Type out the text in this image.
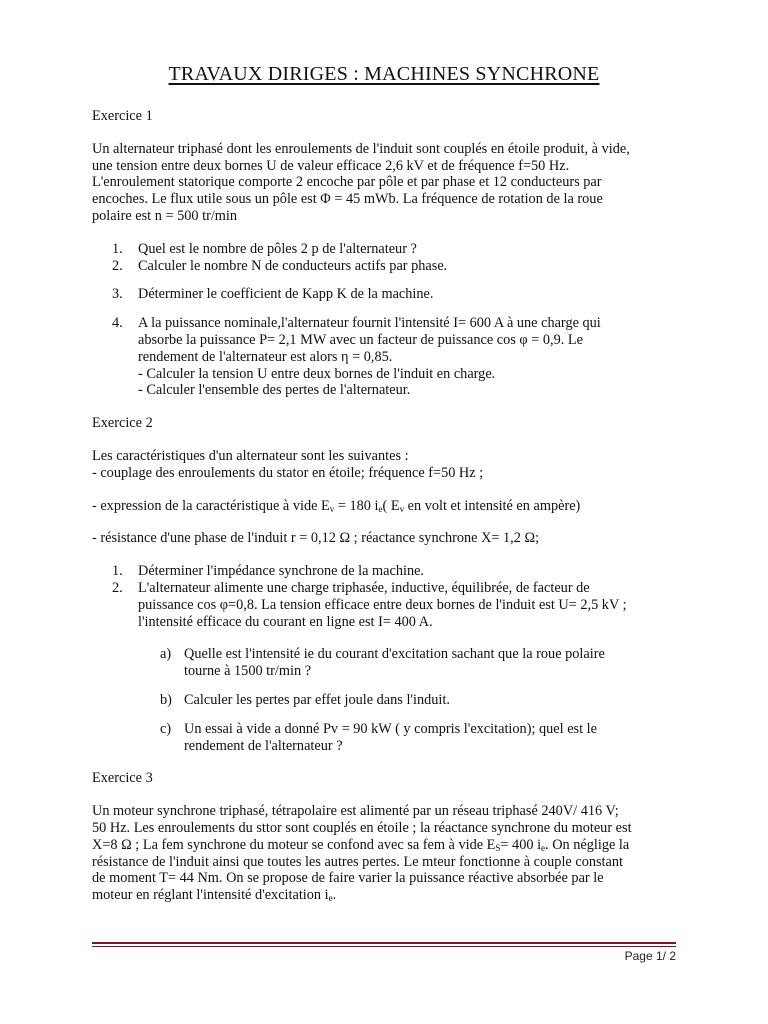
TRAVAUX DIRIGES : MACHINES SYNCHRONE

Exercice 1

Un alternateur triphasé dont les enroulements de l'induit sont couplés en étoile produit, à vide,
une tension entre deux bornes U de valeur efficace 2,6 kV et de fréquence f=50 Hz.
L'enroulement statorique comporte 2 encoche par pôle et par phase et 12 conducteurs par
encoches. Le flux utile sous un pôle est Φ = 45 mWb. La fréquence de rotation de la roue
polaire est n = 500 tr/min

1. Quel est le nombre de pôles 2 p de l'alternateur ?
2. Calculer le nombre N de conducteurs actifs par phase.
3. Déterminer le coefficient de Kapp K de la machine.
4. A la puissance nominale,l'alternateur fournit l'intensité I= 600 A à une charge qui
absorbe la puissance P= 2,1 MW avec un facteur de puissance cos φ = 0,9. Le
rendement de l'alternateur est alors η = 0,85.
- Calculer la tension U entre deux bornes de l'induit en charge.
- Calculer l'ensemble des pertes de l'alternateur.

Exercice 2

Les caractéristiques d'un alternateur sont les suivantes :
- couplage des enroulements du stator en étoile; fréquence f=50 Hz ;

- expression de la caractéristique à vide $E_v = 180$ $i_e$( $E_v$ en volt et intensité en ampère)

- résistance d'une phase de l'induit r = 0,12 Ω ; réactance synchrone X= 1,2 Ω;

1. Déterminer l'impédance synchrone de la machine.
2. L'alternateur alimente une charge triphasée, inductive, équilibrée, de facteur de
puissance cos φ=0,8. La tension efficace entre deux bornes de l'induit est U= 2,5 kV ;
l'intensité efficace du courant en ligne est I= 400 A.
a) Quelle est l'intensité ie du courant d'excitation sachant que la roue polaire
tourne à 1500 tr/min ?
b) Calculer les pertes par effet joule dans l'induit.
c) Un essai à vide a donné Pv = 90 kW ( y compris l'excitation); quel est le
rendement de l'alternateur ?

Exercice 3

Un moteur synchrone triphasé, tétrapolaire est alimenté par un réseau triphasé 240V/ 416 V;
50 Hz. Les enroulements du sttor sont couplés en étoile ; la réactance synchrone du moteur est
X=8 Ω ; La fem synchrone du moteur se confond avec sa fem à vide $E_S= 400$ $i_e$. On néglige la
résistance de l'induit ainsi que toutes les autres pertes. Le mteur fonctionne à couple constant
de moment T= 44 Nm. On se propose de faire varier la puissance réactive absorbée par le
moteur en réglant l'intensité d'excitation $i_e$.

Page 1/ 2
